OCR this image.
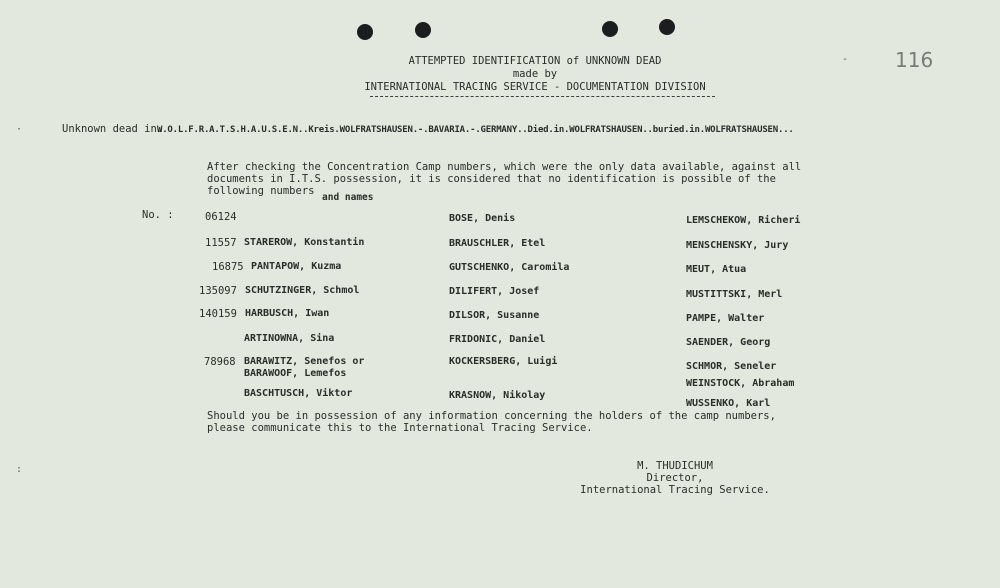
- 116
·
:
ATTEMPTED IDENTIFICATION of UNKNOWN DEAD
made by
INTERNATIONAL TRACING SERVICE - DOCUMENTATION DIVISION
Unknown dead in.
W.O.L.F.R.A.T.S.H.A.U.S.E.N..Kreis.WOLFRATSHAUSEN.-.BAVARIA.-.GERMANY..Died.in.WOLFRATSHAUSEN..buried.in.WOLFRATSHAUSEN...
After checking the Concentration Camp numbers, which were the only data available, against all
documents in I.T.S. possession, it is considered that no identification is possible of the
following numbers
and names
No. :	06124
11557 STAREROW, Konstantin
16875 PANTAPOW, Kuzma
135097 SCHUTZINGER, Schmol
140159 HARBUSCH, Iwan
ARTINOWNA, Sina
78968 BARAWITZ, Senefos or
BARAWOOF, Lemefos
BASCHTUSCH, Viktor
BOSE, Denis
BRAUSCHLER, Etel
GUTSCHENKO, Caromila
DILIFERT, Josef
DILSOR, Susanne
FRIDONIC, Daniel
KOCKERSBERG, Luigi
KRASNOW, Nikolay
LEMSCHEKOW, Richeri
MENSCHENSKY, Jury
MEUT, Atua
MUSTITTSKI, Merl
PAMPE, Walter
SAENDER, Georg
SCHMOR, Seneler
WEINSTOCK, Abraham
WUSSENKO, Karl
Should you be in possession of any information concerning the holders of the camp numbers,
please communicate this to the International Tracing Service.
M. THUDICHUM
Director,
International Tracing Service.
